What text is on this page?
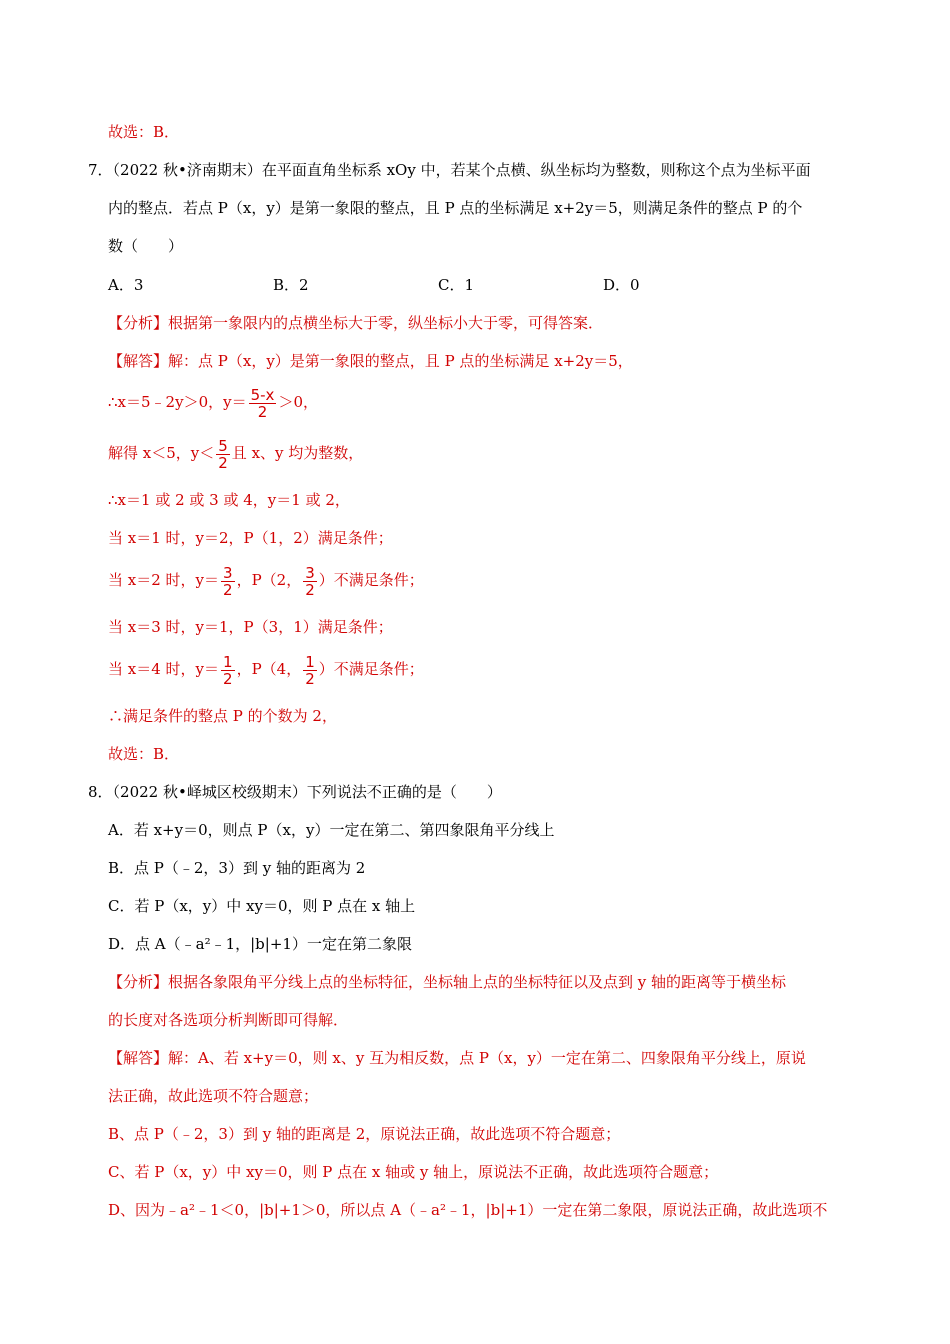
故选：B．
7．（2022 秋•济南期末）在平面直角坐标系 xOy 中，若某个点横、纵坐标均为整数，则称这个点为坐标平面
内的整点．若点 P（x，y）是第一象限的整点，且 P 点的坐标满足 x+2y＝5，则满足条件的整点 P 的个
数（　　）
A．3	B．2	C．1	D．0
【分析】根据第一象限内的点横坐标大于零，纵坐标小大于零，可得答案．
【解答】解：点 P（x，y）是第一象限的整点，且 P 点的坐标满足 x+2y＝5，
∴x＝5﹣2y＞0，$y= \frac{5-x}{2} >0$，
解得 x＜5，$y< \frac{5}{2}$ 且 x、y 均为整数，
∴x＝1 或 2 或 3 或 4，y＝1 或 2，
当 x＝1 时，y＝2，P（1，2）满足条件；
当 x＝2 时，$y= \frac{3}{2}$ ，P（2， $\frac{3}{2}$ ）不满足条件；
当 x＝3 时，y＝1，P（3，1）满足条件；
当 x＝4 时，$y= \frac{1}{2}$ ，P（4， $\frac{1}{2}$ ）不满足条件；
∴满足条件的整点 P 的个数为 2，
故选：B．
8．（2022 秋•峄城区校级期末）下列说法不正确的是（　　）
A．若 x+y＝0，则点 P（x，y）一定在第二、第四象限角平分线上
B．点 P（﹣2，3）到 y 轴的距离为 2
C．若 P（x，y）中 xy＝0，则 P 点在 x 轴上
D．点 A（﹣a²﹣1，|b|+1）一定在第二象限
【分析】根据各象限角平分线上点的坐标特征，坐标轴上点的坐标特征以及点到 y 轴的距离等于横坐标
的长度对各选项分析判断即可得解．
【解答】解：A、若 x+y＝0，则 x、y 互为相反数，点 P（x，y）一定在第二、四象限角平分线上，原说
法正确，故此选项不符合题意；
B、点 P（﹣2，3）到 y 轴的距离是 2，原说法正确，故此选项不符合题意；
C、若 P（x，y）中 xy＝0，则 P 点在 x 轴或 y 轴上，原说法不正确，故此选项符合题意；
D、因为﹣a²﹣1＜0，|b|+1＞0，所以点 A（﹣a²﹣1，|b|+1）一定在第二象限，原说法正确，故此选项不
